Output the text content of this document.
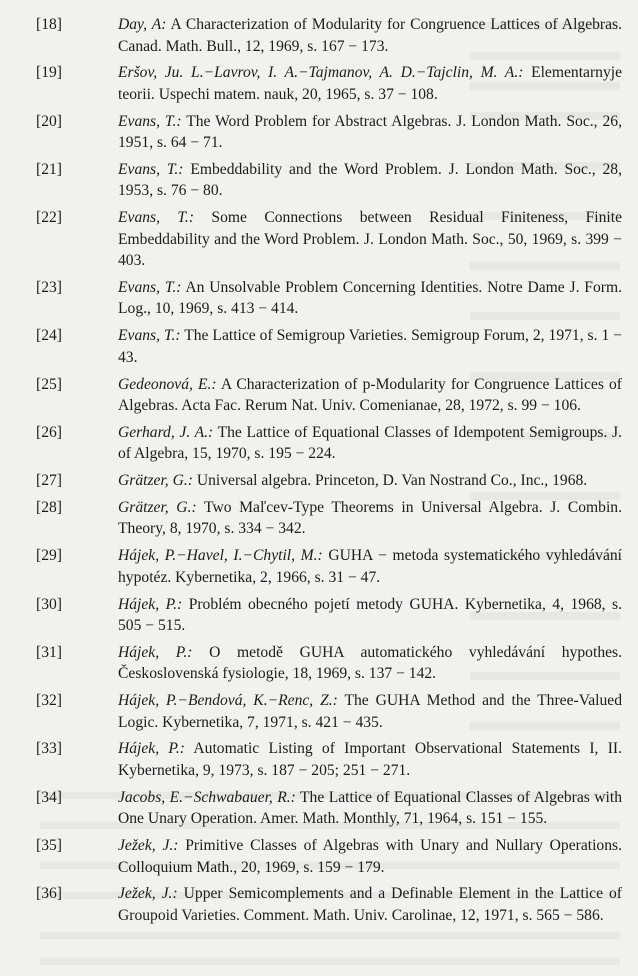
[18]	Day, A: A Characterization of Modularity for Congruence Lattices of Algebras. Canad. Math. Bull., 12, 1969, s. 167 − 173.
[19]	Eršov, Ju. L.−Lavrov, I. A.−Tajmanov, A. D.−Tajclin, M. A.: Elementarnyje teorii. Uspechi matem. nauk, 20, 1965, s. 37 − 108.
[20]	Evans, T.: The Word Problem for Abstract Algebras. J. London Math. Soc., 26, 1951, s. 64 − 71.
[21]	Evans, T.: Embeddability and the Word Problem. J. London Math. Soc., 28, 1953, s. 76 − 80.
[22]	Evans, T.: Some Connections between Residual Finiteness, Finite Embeddability and the Word Problem. J. London Math. Soc., 50, 1969, s. 399 − 403.
[23]	Evans, T.: An Unsolvable Problem Concerning Identities. Notre Dame J. Form. Log., 10, 1969, s. 413 − 414.
[24]	Evans, T.: The Lattice of Semigroup Varieties. Semigroup Forum, 2, 1971, s. 1 − 43.
[25]	Gedeonová, E.: A Characterization of p-Modularity for Congruence Lattices of Algebras. Acta Fac. Rerum Nat. Univ. Comenianae, 28, 1972, s. 99 − 106.
[26]	Gerhard, J. A.: The Lattice of Equational Classes of Idempotent Semigroups. J. of Algebra, 15, 1970, s. 195 − 224.
[27]	Grätzer, G.: Universal algebra. Princeton, D. Van Nostrand Co., Inc., 1968.
[28]	Grätzer, G.: Two Maľcev-Type Theorems in Universal Algebra. J. Combin. Theory, 8, 1970, s. 334 − 342.
[29]	Hájek, P.−Havel, I.−Chytil, M.: GUHA − metoda systematického vyhledávání hypotéz. Kybernetika, 2, 1966, s. 31 − 47.
[30]	Hájek, P.: Problém obecného pojetí metody GUHA. Kybernetika, 4, 1968, s. 505 − 515.
[31]	Hájek, P.: O metodě GUHA automatického vyhledávání hypothes. Československá fysiologie, 18, 1969, s. 137 − 142.
[32]	Hájek, P.−Bendová, K.−Renc, Z.: The GUHA Method and the Three-Valued Logic. Kybernetika, 7, 1971, s. 421 − 435.
[33]	Hájek, P.: Automatic Listing of Important Observational Statements I, II. Kybernetika, 9, 1973, s. 187 − 205; 251 − 271.
[34]	Jacobs, E.−Schwabauer, R.: The Lattice of Equational Classes of Algebras with One Unary Operation. Amer. Math. Monthly, 71, 1964, s. 151 − 155.
[35]	Ježek, J.: Primitive Classes of Algebras with Unary and Nullary Operations. Colloquium Math., 20, 1969, s. 159 − 179.
[36]	Ježek, J.: Upper Semicomplements and a Definable Element in the Lattice of Groupoid Varieties. Comment. Math. Univ. Carolinae, 12, 1971, s. 565 − 586.
